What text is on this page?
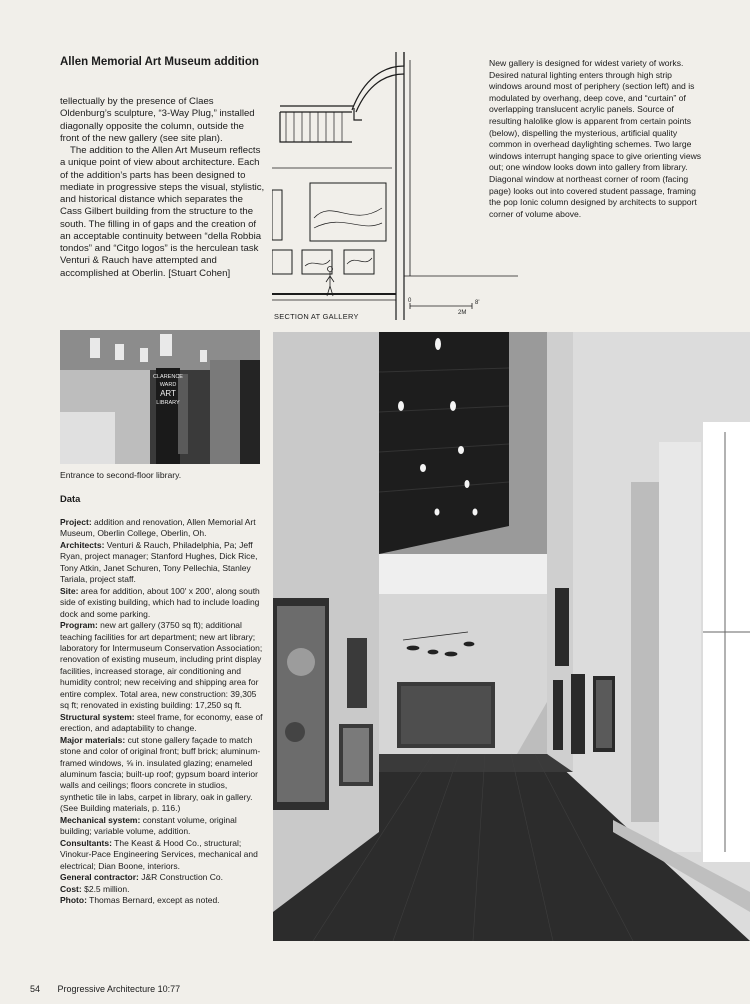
Allen Memorial Art Museum addition

tellectually by the presence of Claes Oldenburg’s sculpture, “3-Way Plug,” installed diagonally opposite the column, outside the front of the new gallery (see site plan).

The addition to the Allen Art Museum reflects a unique point of view about architecture. Each of the addition’s parts has been designed to mediate in progressive steps the visual, stylistic, and historical distance which separates the Cass Gilbert building from the structure to the south. The filling in of gaps and the creation of an acceptable continuity between “della Robbia tondos” and “Citgo logos” is the herculean task Venturi & Rauch have attempted and accomplished at Oberlin. [Stuart Cohen]

0	8'
2M
SECTION AT GALLERY
New gallery is designed for widest variety of works. Desired natural lighting enters through high strip windows around most of periphery (section left) and is modulated by overhang, deep cove, and “curtain” of overlapping translucent acrylic panels. Source of resulting halolike glow is apparent from certain points (below), dispelling the mysterious, artificial quality common in overhead daylighting schemes. Two large windows interrupt hanging space to give orienting views out; one window looks down into gallery from library. Diagonal window at northeast corner of room (facing page) looks out into covered student passage, framing the pop Ionic column designed by architects to support corner of volume above.
CLARENCE
WARD
ART
LIBRARY
Entrance to second-floor library.
Data
Project: addition and renovation, Allen Memorial Art Museum, Oberlin College, Oberlin, Oh.
Architects: Venturi & Rauch, Philadelphia, Pa; Jeff Ryan, project manager; Stanford Hughes, Dick Rice, Tony Atkin, Janet Schuren, Tony Pellechia, Stanley Tariala, project staff.
Site: area for addition, about 100′ x 200′, along south side of existing building, which had to include loading dock and some parking.
Program: new art gallery (3750 sq ft); additional teaching facilities for art department; new art library; laboratory for Intermuseum Conservation Association; renovation of existing museum, including print display facilities, increased storage, air conditioning and humidity control; new receiving and shipping area for entire complex. Total area, new construction: 39,305 sq ft; renovated in existing building: 17,250 sq ft.
Structural system: steel frame, for economy, ease of erection, and adaptability to change.
Major materials: cut stone gallery façade to match stone and color of original front; buff brick; aluminum-framed windows, ⅝ in. insulated glazing; enameled aluminum fascia; built-up roof; gypsum board interior walls and ceilings; floors concrete in studios, synthetic tile in labs, carpet in library, oak in gallery. (See Building materials, p. 116.)
Mechanical system: constant volume, original building; variable volume, addition.
Consultants: The Keast & Hood Co., structural; Vinokur-Pace Engineering Services, mechanical and electrical; Dian Boone, interiors.
General contractor: J&R Construction Co.
Cost: $2.5 million.
Photo: Thomas Bernard, except as noted.
54 Progressive Architecture 10:77
